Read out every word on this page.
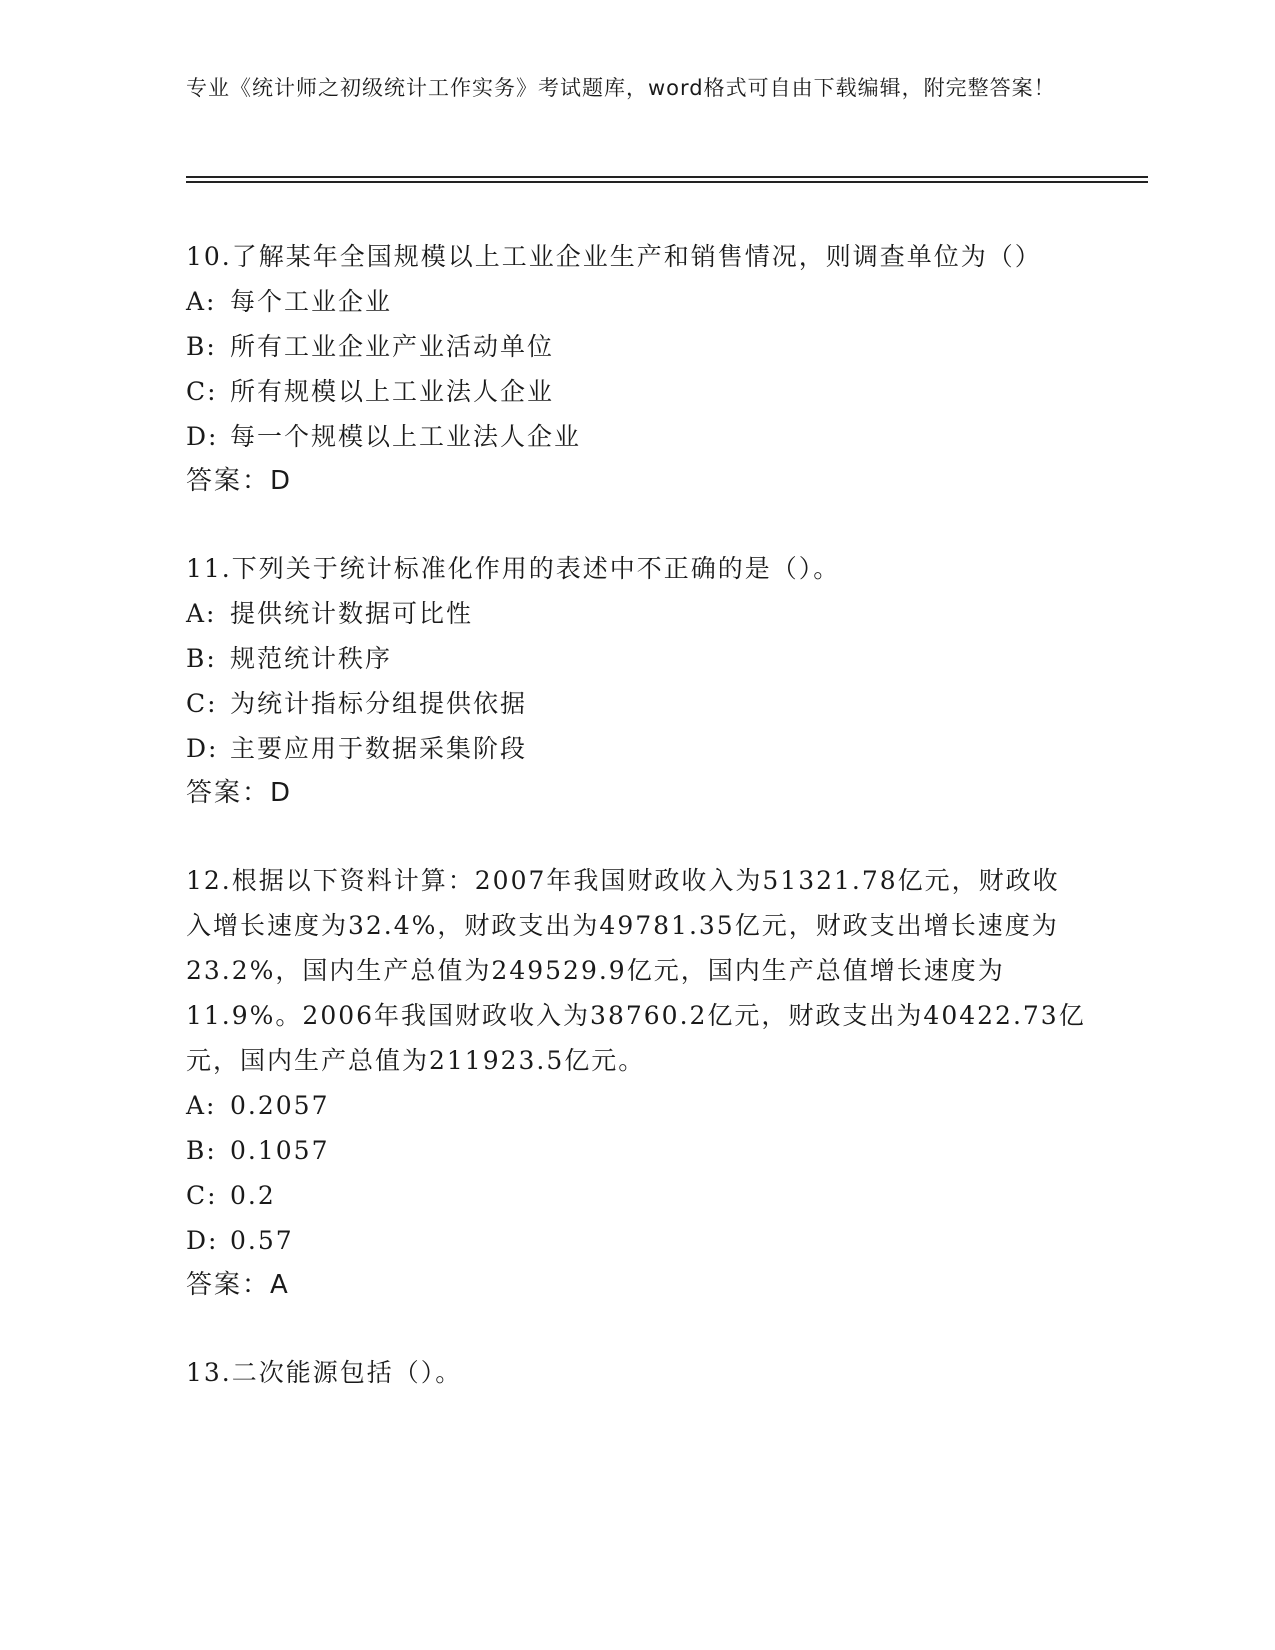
专业《统计师之初级统计工作实务》考试题库，word格式可自由下载编辑，附完整答案！
10.了解某年全国规模以上工业企业生产和销售情况，则调查单位为（）
A: 每个工业企业
B: 所有工业企业产业活动单位
C: 所有规模以上工业法人企业
D: 每一个规模以上工业法人企业
答案：D
11.下列关于统计标准化作用的表述中不正确的是（）。
A: 提供统计数据可比性
B: 规范统计秩序
C: 为统计指标分组提供依据
D: 主要应用于数据采集阶段
答案：D
12.根据以下资料计算：2007年我国财政收入为51321.78亿元，财政收入增长速度为32.4%，财政支出为49781.35亿元，财政支出增长速度为23.2%，国内生产总值为249529.9亿元，国内生产总值增长速度为11.9%。2006年我国财政收入为38760.2亿元，财政支出为40422.73亿元，国内生产总值为211923.5亿元。
A: 0.2057
B: 0.1057
C: 0.2
D: 0.57
答案：A
13.二次能源包括（）。
